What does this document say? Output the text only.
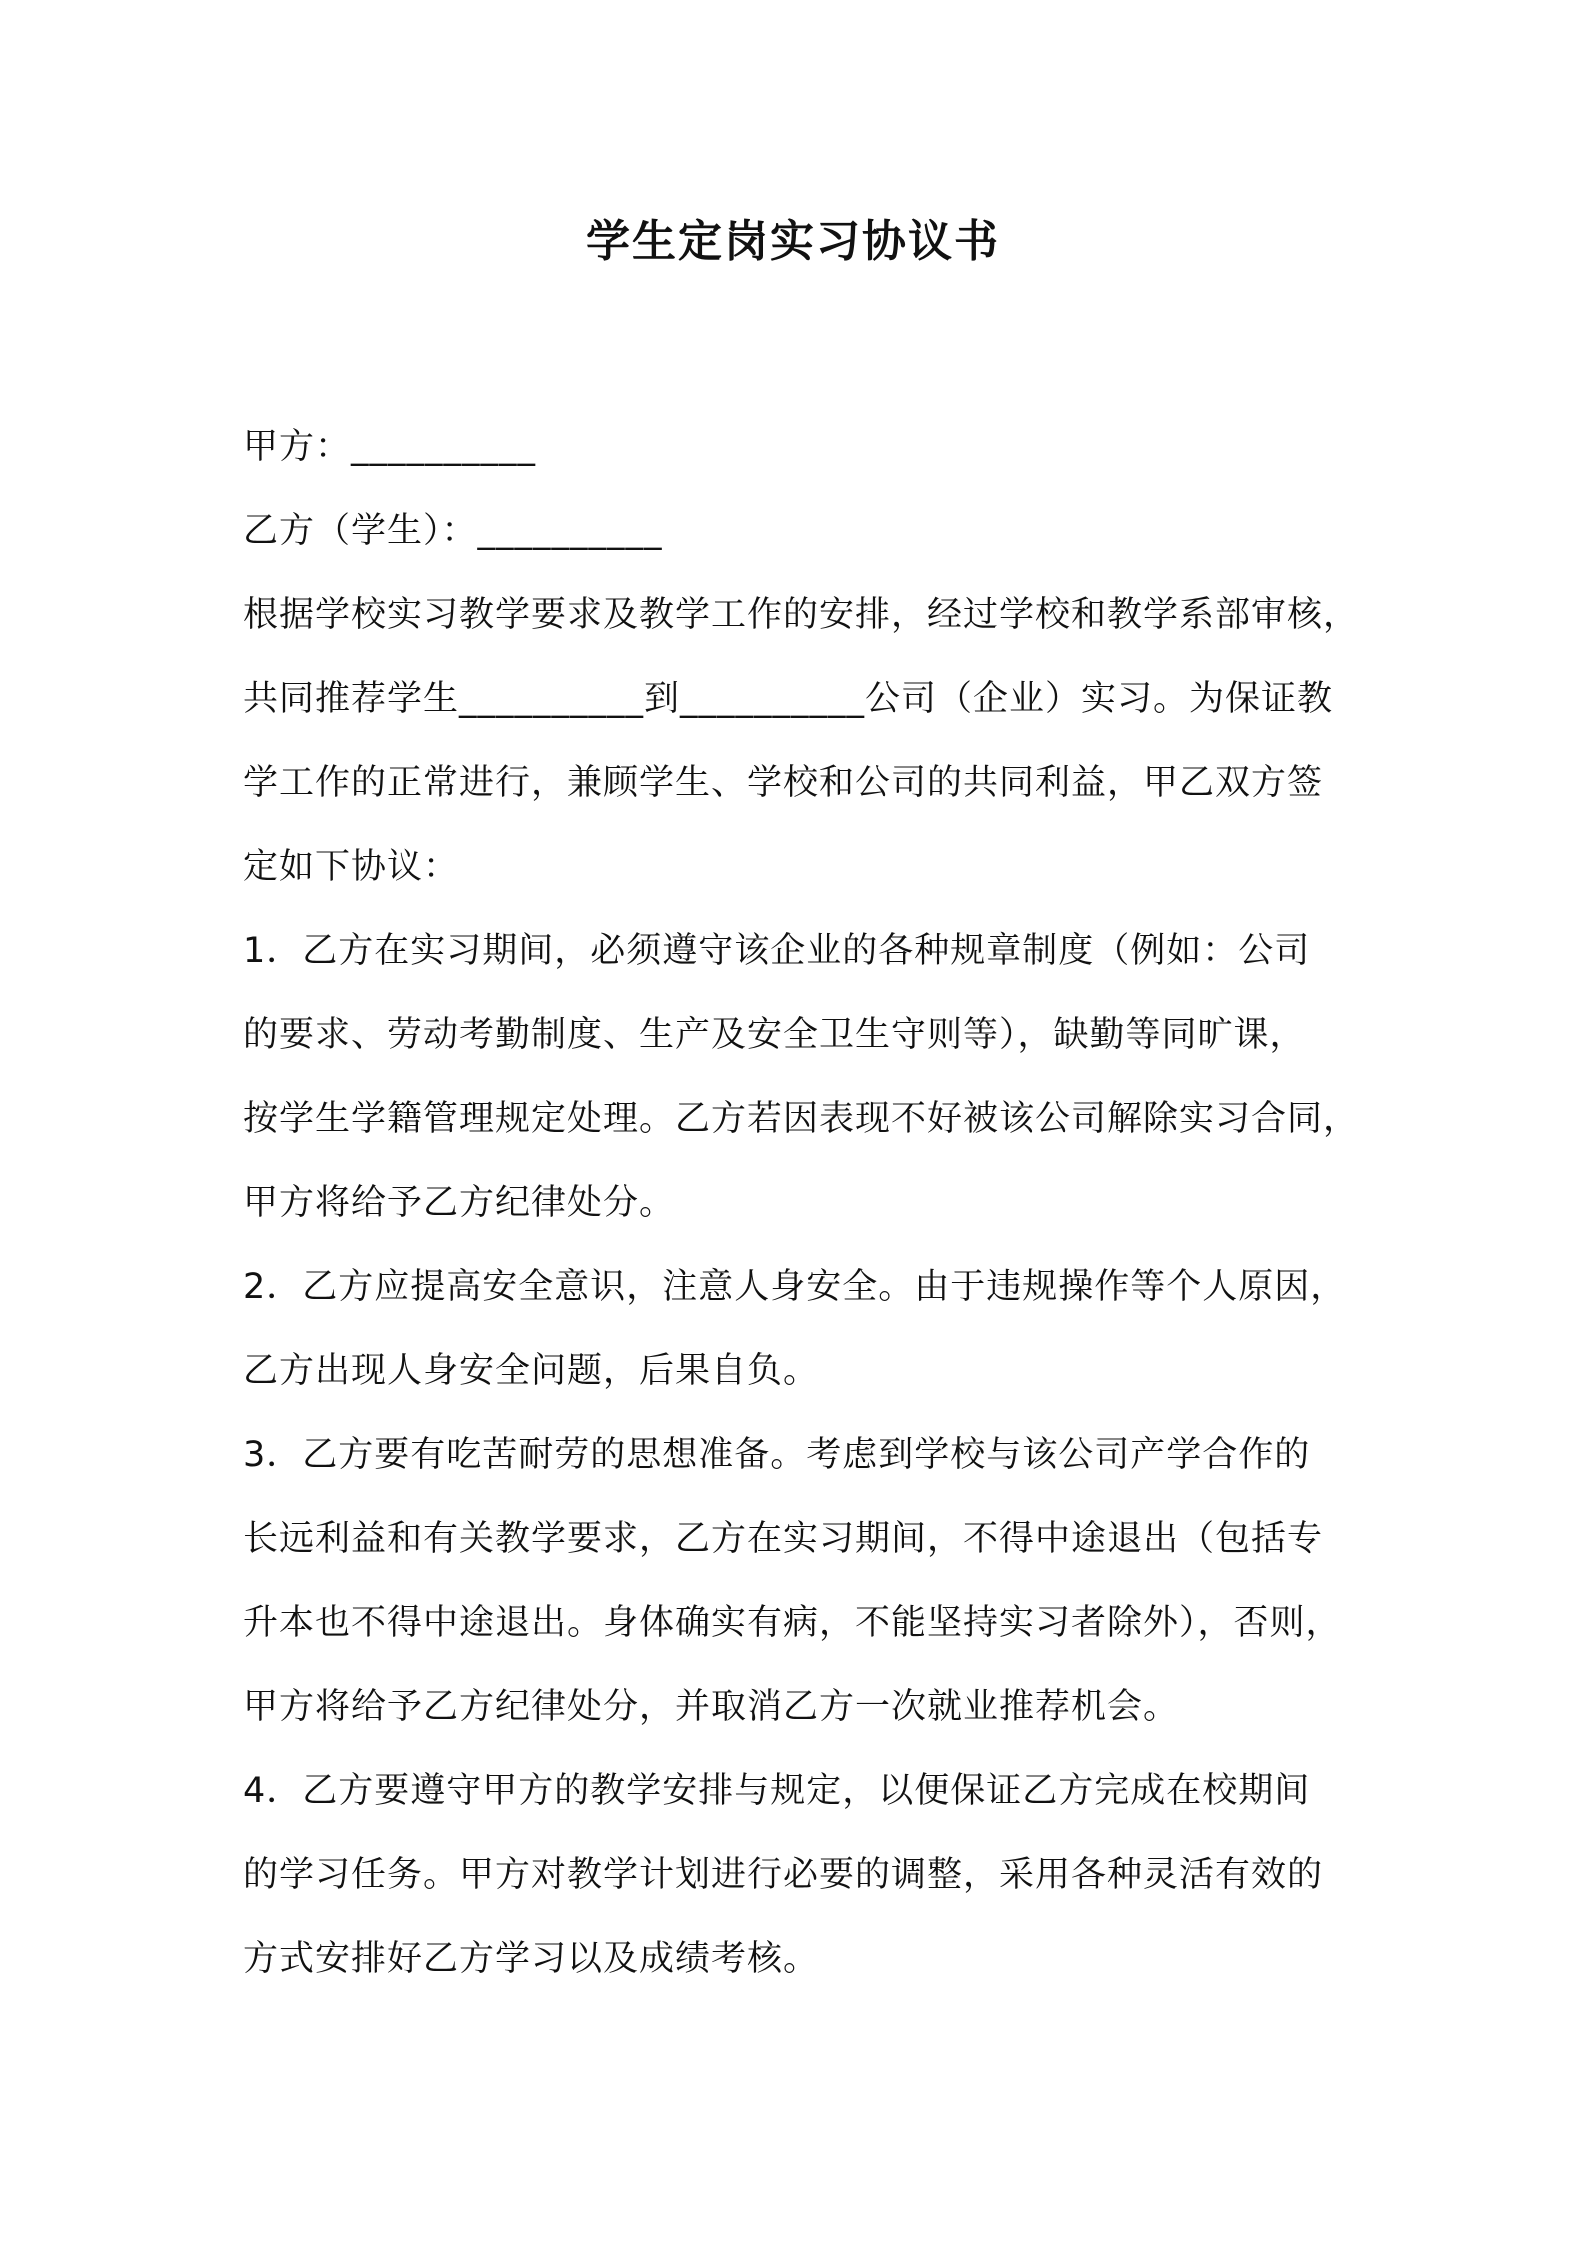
学生定岗实习协议书
甲方：__________
乙方（学生）：__________
根据学校实习教学要求及教学工作的安排，经过学校和教学系部审核，
共同推荐学生__________到__________公司（企业）实习。为保证教
学工作的正常进行，兼顾学生、学校和公司的共同利益，甲乙双方签
定如下协议：
1．乙方在实习期间，必须遵守该企业的各种规章制度（例如：公司
的要求、劳动考勤制度、生产及安全卫生守则等），缺勤等同旷课，
按学生学籍管理规定处理。乙方若因表现不好被该公司解除实习合同，
甲方将给予乙方纪律处分。
2．乙方应提高安全意识，注意人身安全。由于违规操作等个人原因，
乙方出现人身安全问题，后果自负。
3．乙方要有吃苦耐劳的思想准备。考虑到学校与该公司产学合作的
长远利益和有关教学要求，乙方在实习期间，不得中途退出（包括专
升本也不得中途退出。身体确实有病，不能坚持实习者除外），否则，
甲方将给予乙方纪律处分，并取消乙方一次就业推荐机会。
4．乙方要遵守甲方的教学安排与规定，以便保证乙方完成在校期间
的学习任务。甲方对教学计划进行必要的调整，采用各种灵活有效的
方式安排好乙方学习以及成绩考核。
